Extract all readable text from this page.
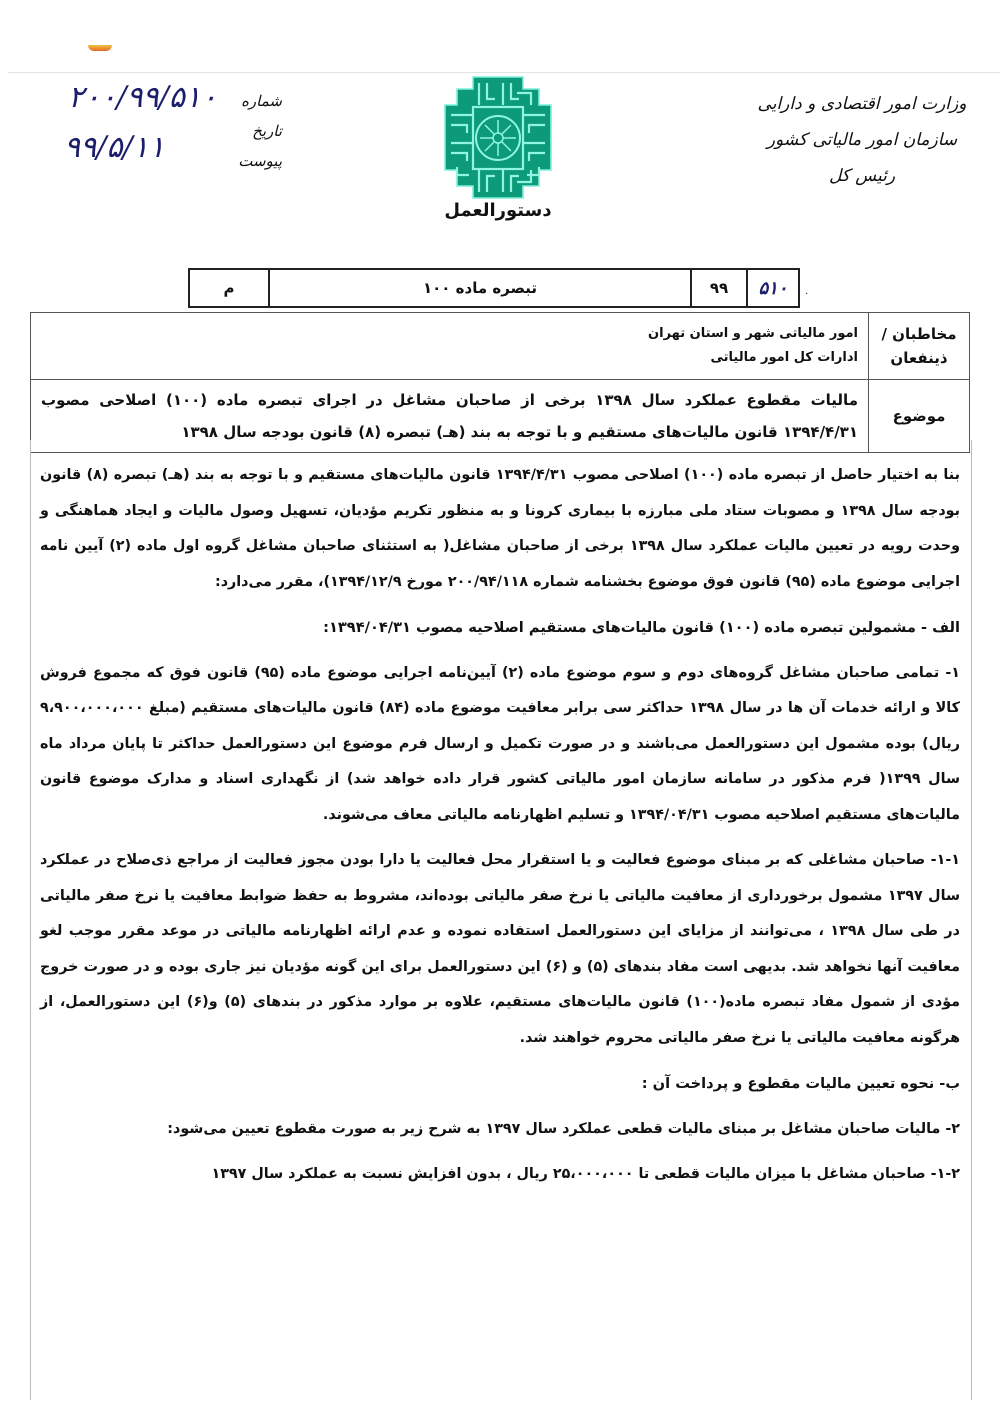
وزارت امور اقتصادی و دارایی
سازمان امور مالیاتی کشور
رئیس کل
دستورالعمل
شماره
تاریخ
پیوست
۲۰۰/۹۹/۵۱۰
۹۹/۵/۱۱
م	تبصره ماده ۱۰۰	۹۹	۵۱۰	۰
مخاطبان / ذینفعان	امور مالیاتی شهر و استان تهران
ادارات کل امور مالیاتی

موضوع	مالیات مقطوع عملکرد سال ۱۳۹۸ برخی از صاحبان مشاغل در اجرای تبصره ماده (۱۰۰) اصلاحی مصوب ۱۳۹۴/۴/۳۱ قانون مالیات‌های مستقیم و با توجه به بند (هـ) تبصره (۸) قانون بودجه سال ۱۳۹۸

بنا به اختیار حاصل از تبصره ماده (۱۰۰) اصلاحی مصوب ۱۳۹۴/۴/۳۱ قانون مالیات‌های مستقیم و با توجه به بند (هـ) تبصره (۸) قانون بودجه سال ۱۳۹۸ و مصوبات ستاد ملی مبارزه با بیماری کرونا و به منظور تکریم مؤدیان، تسهیل وصول مالیات و ایجاد هماهنگی و وحدت رویه در تعیین مالیات عملکرد سال ۱۳۹۸ برخی از صاحبان مشاغل( به استثنای صاحبان مشاغل گروه اول ماده (۲) آیین نامه اجرایی موضوع ماده (۹۵) قانون فوق موضوع بخشنامه شماره ۲۰۰/۹۴/۱۱۸ مورخ ۱۳۹۴/۱۲/۹)، مقرر می‌دارد:

الف - مشمولین تبصره ماده (۱۰۰) قانون مالیات‌های مستقیم اصلاحیه مصوب ۱۳۹۴/۰۴/۳۱:

۱- تمامی صاحبان مشاغل گروه‌های دوم و سوم موضوع ماده (۲) آیین‌نامه اجرایی موضوع ماده (۹۵) قانون فوق که مجموع فروش کالا و ارائه خدمات آن ها در سال ۱۳۹۸ حداکثر سی برابر معافیت موضوع ماده (۸۴) قانون مالیات‌های مستقیم (مبلغ ۹،۹۰۰،۰۰۰،۰۰۰ ریال) بوده مشمول این دستورالعمل می‌باشند و در صورت تکمیل و ارسال فرم موضوع این دستورالعمل حداکثر تا پایان مرداد ماه سال ۱۳۹۹( فرم مذکور در سامانه سازمان امور مالیاتی کشور قرار داده خواهد شد) از نگهداری اسناد و مدارک موضوع قانون مالیات‌های مستقیم اصلاحیه مصوب ۱۳۹۴/۰۴/۳۱ و تسلیم اظهارنامه مالیاتی معاف می‌شوند.

۱-۱- صاحبان مشاغلی که بر مبنای موضوع فعالیت و یا استقرار محل فعالیت یا دارا بودن مجوز فعالیت از مراجع ذی‌صلاح در عملکرد سال ۱۳۹۷ مشمول برخورداری از معافیت مالیاتی یا نرخ صفر مالیاتی بوده‌اند، مشروط به حفظ ضوابط معافیت یا نرخ صفر مالیاتی در طی سال ۱۳۹۸ ، می‌توانند از مزایای این دستورالعمل استفاده نموده و عدم ارائه اظهارنامه مالیاتی در موعد مقرر موجب لغو معافیت آنها نخواهد شد. بدیهی است مفاد بندهای (۵) و (۶) این دستورالعمل برای این گونه مؤدیان نیز جاری بوده و در صورت خروج مؤدی از شمول مفاد تبصره ماده(۱۰۰) قانون مالیات‌های مستقیم، علاوه بر موارد مذکور در بندهای (۵) و(۶) این دستورالعمل، از هرگونه معافیت مالیاتی یا نرخ صفر مالیاتی محروم خواهند شد.

ب- نحوه تعیین مالیات مقطوع و پرداخت آن :

۲- مالیات صاحبان مشاغل بر مبنای مالیات قطعی عملکرد سال ۱۳۹۷ به شرح زیر به صورت مقطوع تعیین می‌شود:

۱-۲- صاحبان مشاغل با میزان مالیات قطعی تا ۲۵،۰۰۰،۰۰۰ ریال ، بدون افزایش نسبت به عملکرد سال ۱۳۹۷
